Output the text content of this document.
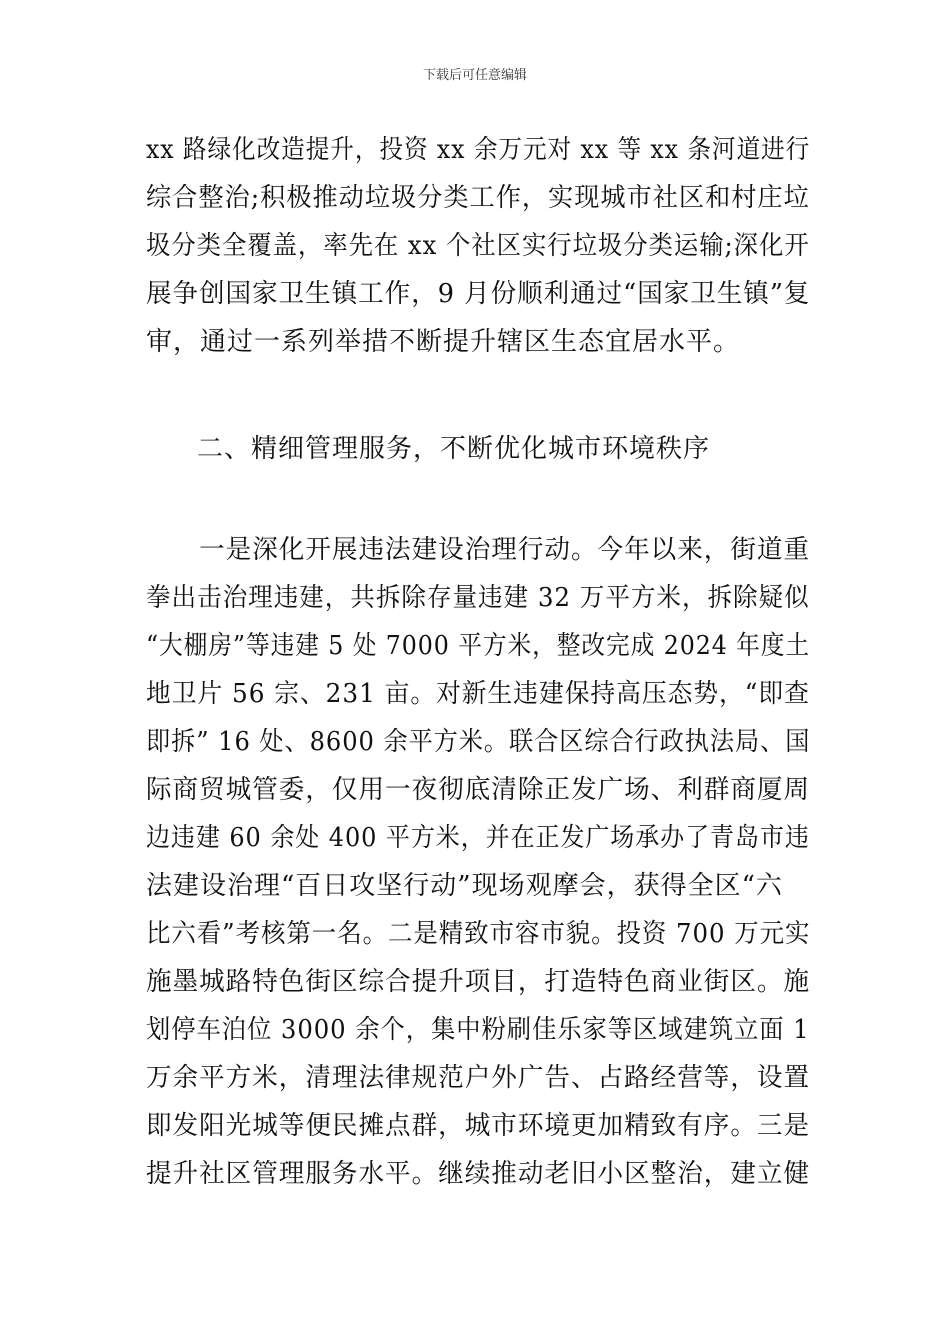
下载后可任意编辑
xx 路绿化改造提升，投资 xx 余万元对 xx 等 xx 条河道进行
综合整治;积极推动垃圾分类工作，实现城市社区和村庄垃
圾分类全覆盖，率先在 xx 个社区实行垃圾分类运输;深化开
展争创国家卫生镇工作，9 月份顺利通过“国家卫生镇”复
审，通过一系列举措不断提升辖区生态宜居水平。
　二、精细管理服务，不断优化城市环境秩序
　　一是深化开展违法建设治理行动。今年以来，街道重
拳出击治理违建，共拆除存量违建 32 万平方米，拆除疑似
“大棚房”等违建 5 处 7000 平方米，整改完成 2024 年度土
地卫片 56 宗、231 亩。对新生违建保持高压态势，“即查
即拆” 16 处、8600 余平方米。联合区综合行政执法局、国
际商贸城管委，仅用一夜彻底清除正发广场、利群商厦周
边违建 60 余处 400 平方米，并在正发广场承办了青岛市违
法建设治理“百日攻坚行动”现场观摩会，获得全区“六
比六看”考核第一名。二是精致市容市貌。投资 700 万元实
施墨城路特色街区综合提升项目，打造特色商业街区。施
划停车泊位 3000 余个，集中粉刷佳乐家等区域建筑立面 1
万余平方米，清理法律规范户外广告、占路经营等，设置
即发阳光城等便民摊点群，城市环境更加精致有序。三是
提升社区管理服务水平。继续推动老旧小区整治，建立健
